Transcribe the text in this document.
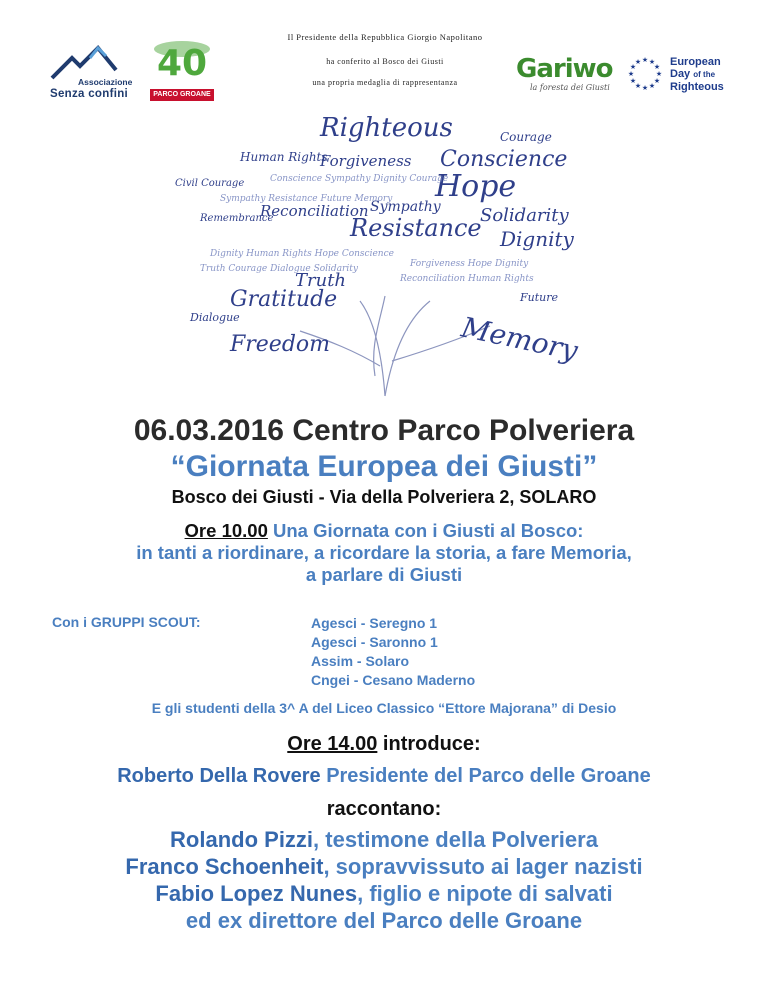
Il Presidente della Repubblica Giorgio Napolitano
ha conferito al Bosco dei Giusti
una propria medaglia di rappresentanza
Associazione
Senza confini
40
PARCO GROANE
Gariwo
la foresta dei Giusti
★ ★
★
★
★
★
★
★
★
★
★
★	European
Day of the
Righteous
Righteous
Human Rights
Forgiveness
Hope
Memory
Dignity
Conscience
Resistance
Reconciliation
Truth
Solidarity
Gratitude
Freedom
Dialogue
Courage
Sympathy
Future
Remembrance
Civil Courage
Dignity Human Rights Hope Conscience
Truth Courage Dialogue Solidarity
Sympathy Resistance Future Memory
Forgiveness Hope Dignity
Reconciliation Human Rights
Conscience Sympathy Dignity Courage
06.03.2016 Centro Parco Polveriera
“Giornata Europea dei Giusti”
Bosco dei Giusti - Via della Polveriera 2, SOLARO
Ore 10.00 Una Giornata con i Giusti al Bosco:
in tanti a riordinare, a ricordare la storia, a fare Memoria,
a parlare di Giusti
Con i GRUPPI SCOUT:	Agesci - Seregno 1
Agesci - Saronno 1
Assim - Solaro
Cngei - Cesano Maderno
E gli studenti della 3^ A del Liceo Classico “Ettore Majorana” di Desio
Ore 14.00 introduce:
Roberto Della Rovere Presidente del Parco delle Groane
raccontano:
Rolando Pizzi, testimone della Polveriera
Franco Schoenheit, sopravvissuto ai lager nazisti
Fabio Lopez Nunes, figlio e nipote di salvati
ed ex direttore del Parco delle Groane
